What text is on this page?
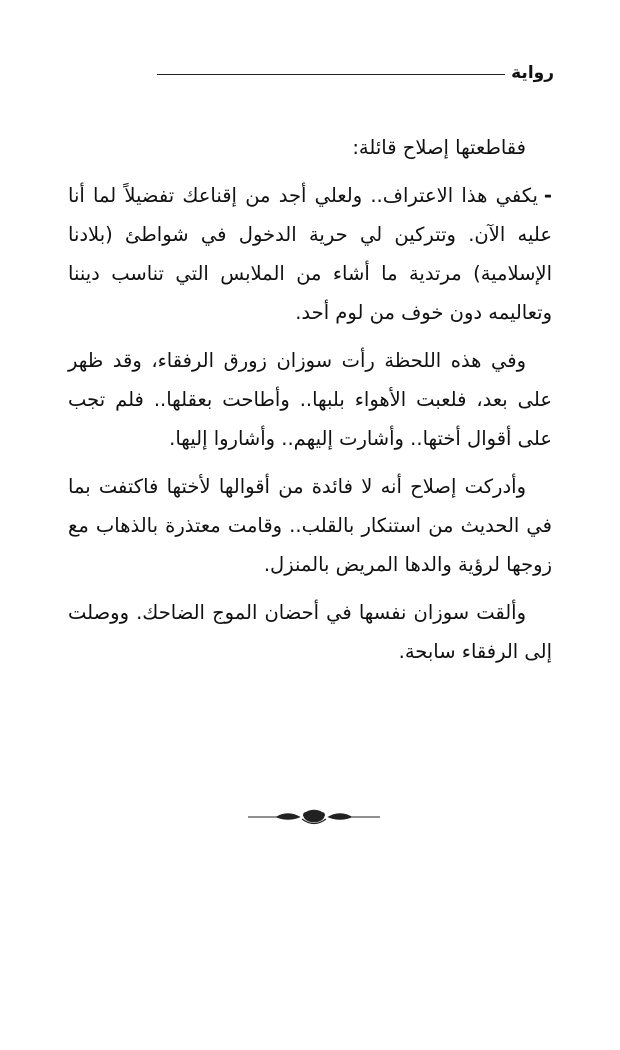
رواية

فقاطعتها إصلاح قائلة:

-يكفي هذا الاعتراف.. ولعلي أجد من إقناعك تفضيلاً لما أنا عليه الآن. وتتركين لي حرية الدخول في شواطئ (بلادنا الإسلامية) مرتدية ما أشاء من الملابس التي تناسب ديننا وتعاليمه دون خوف من لوم أحد.

وفي هذه اللحظة رأت سوزان زورق الرفقاء، وقد ظهر على بعد، فلعبت الأهواء بلبها.. وأطاحت بعقلها.. فلم تجب على أقوال أختها.. وأشارت إليهم.. وأشاروا إليها.

وأدركت إصلاح أنه لا فائدة من أقوالها لأختها فاكتفت بما في الحديث من استنكار بالقلب.. وقامت معتذرة بالذهاب مع زوجها لرؤية والدها المريض بالمنزل.

وألقت سوزان نفسها في أحضان الموج الضاحك. ووصلت إلى الرفقاء سابحة.
